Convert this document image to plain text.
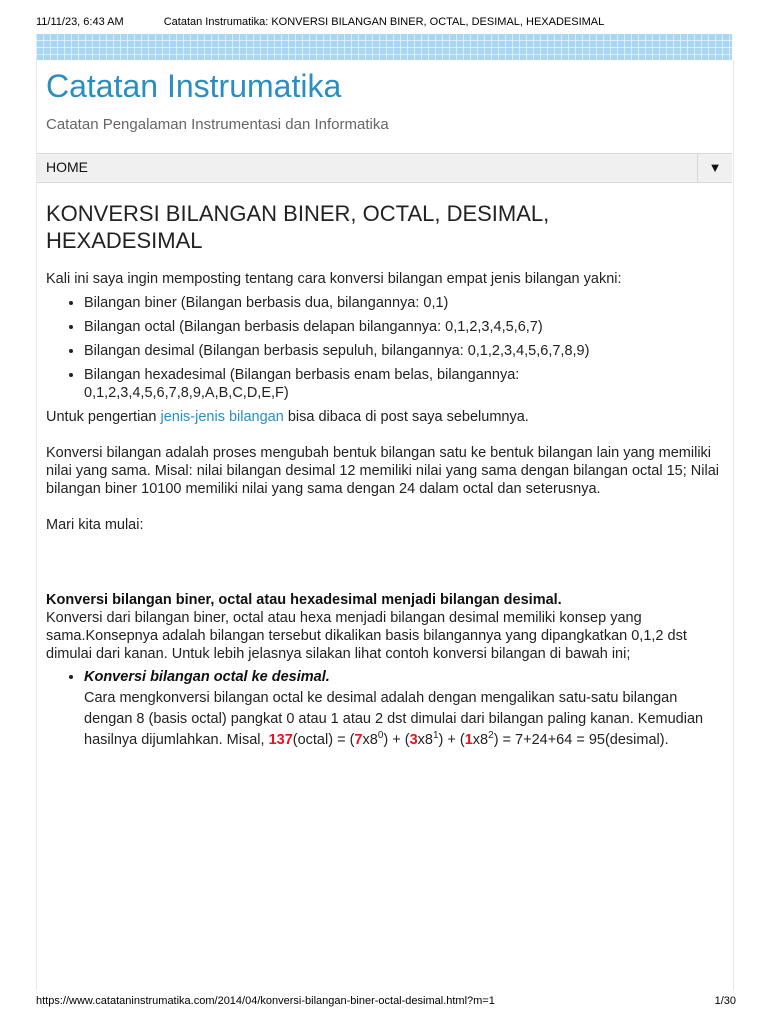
11/11/23, 6:43 AM	Catatan Instrumatika: KONVERSI BILANGAN BINER, OCTAL, DESIMAL, HEXADESIMAL
Catatan Instrumatika
Catatan Pengalaman Instrumentasi dan Informatika
HOME	▼
KONVERSI BILANGAN BINER, OCTAL, DESIMAL, HEXADESIMAL

Kali ini saya ingin memposting tentang cara konversi bilangan empat jenis bilangan yakni:

• Bilangan biner (Bilangan berbasis dua, bilangannya: 0,1)
• Bilangan octal (Bilangan berbasis delapan bilangannya: 0,1,2,3,4,5,6,7)
• Bilangan desimal (Bilangan berbasis sepuluh, bilangannya: 0,1,2,3,4,5,6,7,8,9)
• Bilangan hexadesimal (Bilangan berbasis enam belas, bilangannya: 0,1,2,3,4,5,6,7,8,9,A,B,C,D,E,F)

Untuk pengertian jenis-jenis bilangan bisa dibaca di post saya sebelumnya.

Konversi bilangan adalah proses mengubah bentuk bilangan satu ke bentuk bilangan lain yang memiliki nilai yang sama. Misal: nilai bilangan desimal 12 memiliki nilai yang sama dengan bilangan octal 15; Nilai bilangan biner 10100 memiliki nilai yang sama dengan 24 dalam octal dan seterusnya.

Mari kita mulai:

Konversi bilangan biner, octal atau hexadesimal menjadi bilangan desimal.

Konversi dari bilangan biner, octal atau hexa menjadi bilangan desimal memiliki konsep yang sama.Konsepnya adalah bilangan tersebut dikalikan basis bilangannya yang dipangkatkan 0,1,2 dst dimulai dari kanan. Untuk lebih jelasnya silakan lihat contoh konversi bilangan di bawah ini;

• Konversi bilangan octal ke desimal.
Cara mengkonversi bilangan octal ke desimal adalah dengan mengalikan satu-satu bilangan dengan 8 (basis octal) pangkat 0 atau 1 atau 2 dst dimulai dari bilangan paling kanan. Kemudian hasilnya dijumlahkan. Misal, 137(octal) = $(7x8^0) + (3x8^1) + (1x8^2) = 7+24+64$ = 95(desimal).
https://www.catataninstrumatika.com/2014/04/konversi-bilangan-biner-octal-desimal.html?m=1	1/30
